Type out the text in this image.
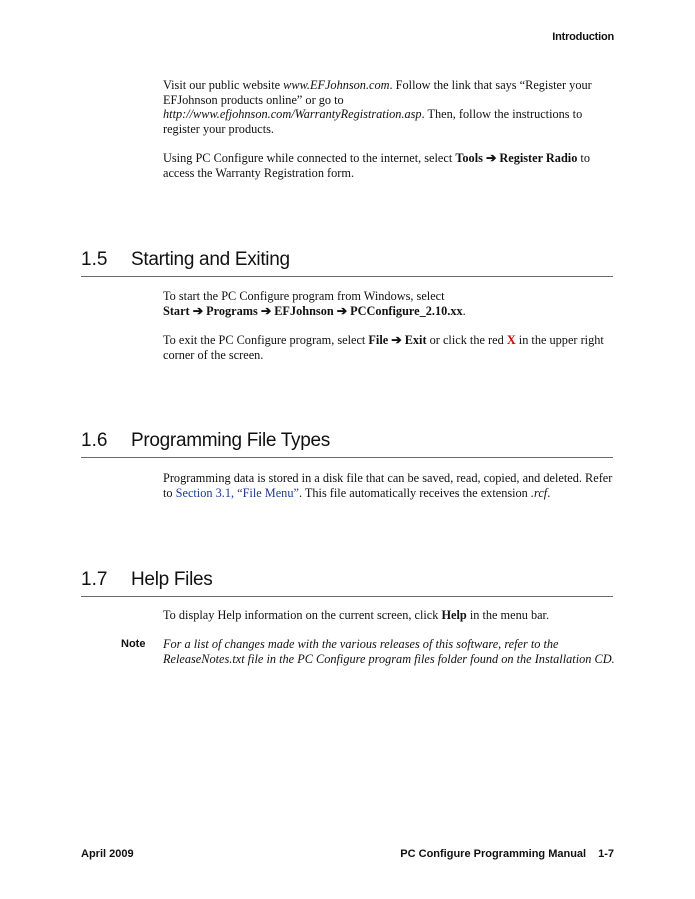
Introduction

Visit our public website www.EFJohnson.com. Follow the link that says “Register your EFJohnson products online” or go to
http://www.efjohnson.com/WarrantyRegistration.asp. Then, follow the instructions to register your products.

Using PC Configure while connected to the internet, select Tools ➔ Register Radio to access the Warranty Registration form.

1.5 Starting and Exiting

To start the PC Configure program from Windows, select
Start ➔ Programs ➔ EFJohnson ➔ PCConfigure_2.10.xx.

To exit the PC Configure program, select File ➔ Exit or click the red X in the upper right corner of the screen.

1.6 Programming File Types

Programming data is stored in a disk file that can be saved, read, copied, and deleted. Refer to Section 3.1, “File Menu”. This file automatically receives the extension .rcf.

1.7 Help Files

To display Help information on the current screen, click Help in the menu bar.

Note For a list of changes made with the various releases of this software, refer to the ReleaseNotes.txt file in the PC Configure program files folder found on the Installation CD.

April 2009	PC Configure Programming Manual 1-7
